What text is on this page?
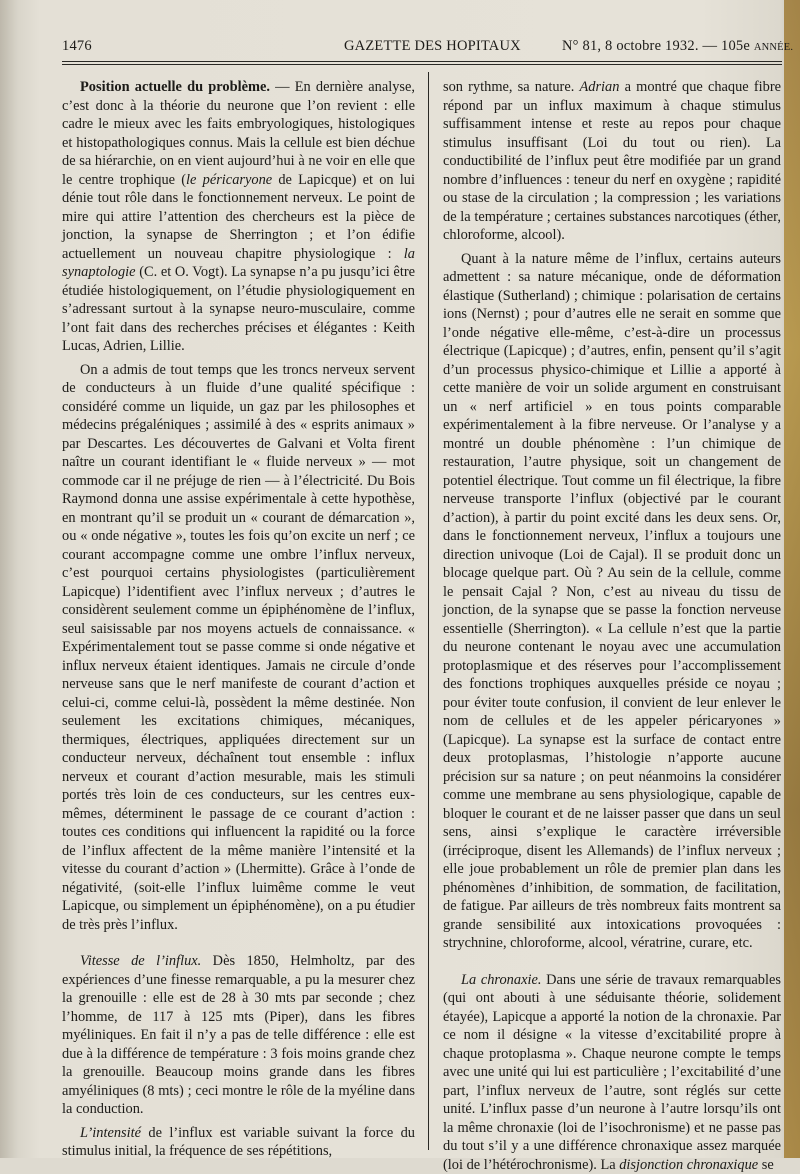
1476	GAZETTE DES HOPITAUX	N° 81, 8 octobre 1932. — 105e ANNÉE.

Position actuelle du problème. — En dernière analyse, c’est donc à la théorie du neurone que l’on revient : elle cadre le mieux avec les faits embryologiques, histologiques et histopathologiques connus. Mais la cellule est bien déchue de sa hiérarchie, on en vient aujourd’hui à ne voir en elle que le centre trophique (le péricaryone de Lapicque) et on lui dénie tout rôle dans le fonctionnement nerveux. Le point de mire qui attire l’attention des chercheurs est la pièce de jonction, la synapse de Sherrington ; et l’on édifie actuellement un nouveau chapitre physiologique : la synaptologie (C. et O. Vogt). La synapse n’a pu jusqu’ici être étudiée histologiquement, on l’étudie physiologiquement en s’adressant surtout à la synapse neuro-musculaire, comme l’ont fait dans des recherches précises et élégantes : Keith Lucas, Adrien, Lillie.

On a admis de tout temps que les troncs nerveux servent de conducteurs à un fluide d’une qualité spécifique : considéré comme un liquide, un gaz par les philosophes et médecins prégaléniques ; assimilé à des « esprits animaux » par Descartes. Les découvertes de Galvani et Volta firent naître un courant identifiant le « fluide nerveux » — mot commode car il ne préjuge de rien — à l’électricité. Du Bois Raymond donna une assise expérimentale à cette hypothèse, en montrant qu’il se produit un « courant de démarcation », ou « onde négative », toutes les fois qu’on excite un nerf ; ce courant accompagne comme une ombre l’influx nerveux, c’est pourquoi certains physiologistes (particulièrement Lapicque) l’identifient avec l’influx nerveux ; d’autres le considèrent seulement comme un épiphénomène de l’influx, seul saisissable par nos moyens actuels de connaissance. « Expérimentalement tout se passe comme si onde négative et influx nerveux étaient identiques. Jamais ne circule d’onde nerveuse sans que le nerf manifeste de courant d’action et celui-ci, comme celui-là, possèdent la même destinée. Non seulement les excitations chimiques, mécaniques, thermiques, électriques, appliquées directement sur un conducteur nerveux, déchaînent tout ensemble : influx nerveux et courant d’action mesurable, mais les stimuli portés très loin de ces conducteurs, sur les centres eux-mêmes, déterminent le passage de ce courant d’action : toutes ces conditions qui influencent la rapidité ou la force de l’influx affectent de la même manière l’intensité et la vitesse du courant d’action » (Lhermitte). Grâce à l’onde de négativité, (soit-elle l’influx luimême comme le veut Lapicque, ou simplement un épiphénomène), on a pu étudier de très près l’influx.

Vitesse de l’influx. Dès 1850, Helmholtz, par des expériences d’une finesse remarquable, a pu la mesurer chez la grenouille : elle est de 28 à 30 mts par seconde ; chez l’homme, de 117 à 125 mts (Piper), dans les fibres myéliniques. En fait il n’y a pas de telle différence : elle est due à la différence de température : 3 fois moins grande chez la grenouille. Beaucoup moins grande dans les fibres amyéliniques (8 mts) ; ceci montre le rôle de la myéline dans la conduction.

L’intensité de l’influx est variable suivant la force du stimulus initial, la fréquence de ses répétitions,

son rythme, sa nature. Adrian a montré que chaque fibre répond par un influx maximum à chaque stimulus suffisamment intense et reste au repos pour chaque stimulus insuffisant (Loi du tout ou rien). La conductibilité de l’influx peut être modifiée par un grand nombre d’influences : teneur du nerf en oxygène ; rapidité ou stase de la circulation ; la compression ; les variations de la température ; certaines substances narcotiques (éther, chloroforme, alcool).

Quant à la nature même de l’influx, certains auteurs admettent : sa nature mécanique, onde de déformation élastique (Sutherland) ; chimique : polarisation de certains ions (Nernst) ; pour d’autres elle ne serait en somme que l’onde négative elle-même, c’est-à-dire un processus électrique (Lapicque) ; d’autres, enfin, pensent qu’il s’agit d’un processus physico-chimique et Lillie a apporté à cette manière de voir un solide argument en construisant un « nerf artificiel » en tous points comparable expérimentalement à la fibre nerveuse. Or l’analyse y a montré un double phénomène : l’un chimique de restauration, l’autre physique, soit un changement de potentiel électrique. Tout comme un fil électrique, la fibre nerveuse transporte l’influx (objectivé par le courant d’action), à partir du point excité dans les deux sens. Or, dans le fonctionnement nerveux, l’influx a toujours une direction univoque (Loi de Cajal). Il se produit donc un blocage quelque part. Où ? Au sein de la cellule, comme le pensait Cajal ? Non, c’est au niveau du tissu de jonction, de la synapse que se passe la fonction nerveuse essentielle (Sherrington). « La cellule n’est que la partie du neurone contenant le noyau avec une accumulation protoplasmique et des réserves pour l’accomplissement des fonctions trophiques auxquelles préside ce noyau ; pour éviter toute confusion, il convient de leur enlever le nom de cellules et de les appeler péricaryones » (Lapicque). La synapse est la surface de contact entre deux protoplasmas, l’histologie n’apporte aucune précision sur sa nature ; on peut néanmoins la considérer comme une membrane au sens physiologique, capable de bloquer le courant et de ne laisser passer que dans un seul sens, ainsi s’explique le caractère irréversible (irréciproque, disent les Allemands) de l’influx nerveux ; elle joue probablement un rôle de premier plan dans les phénomènes d’inhibition, de sommation, de facilitation, de fatigue. Par ailleurs de très nombreux faits montrent sa grande sensibilité aux intoxications provoquées : strychnine, chloroforme, alcool, vératrine, curare, etc.

La chronaxie. Dans une série de travaux remarquables (qui ont abouti à une séduisante théorie, solidement étayée), Lapicque a apporté la notion de la chronaxie. Par ce nom il désigne « la vitesse d’excitabilité propre à chaque protoplasma ». Chaque neurone compte le temps avec une unité qui lui est particulière ; l’excitabilité d’une part, l’influx nerveux de l’autre, sont réglés sur cette unité. L’influx passe d’un neurone à l’autre lorsqu’ils ont la même chronaxie (loi de l’isochronisme) et ne passe pas du tout s’il y a une différence chronaxique assez marquée (loi de l’hétérochronisme). La disjonction chronaxique se
